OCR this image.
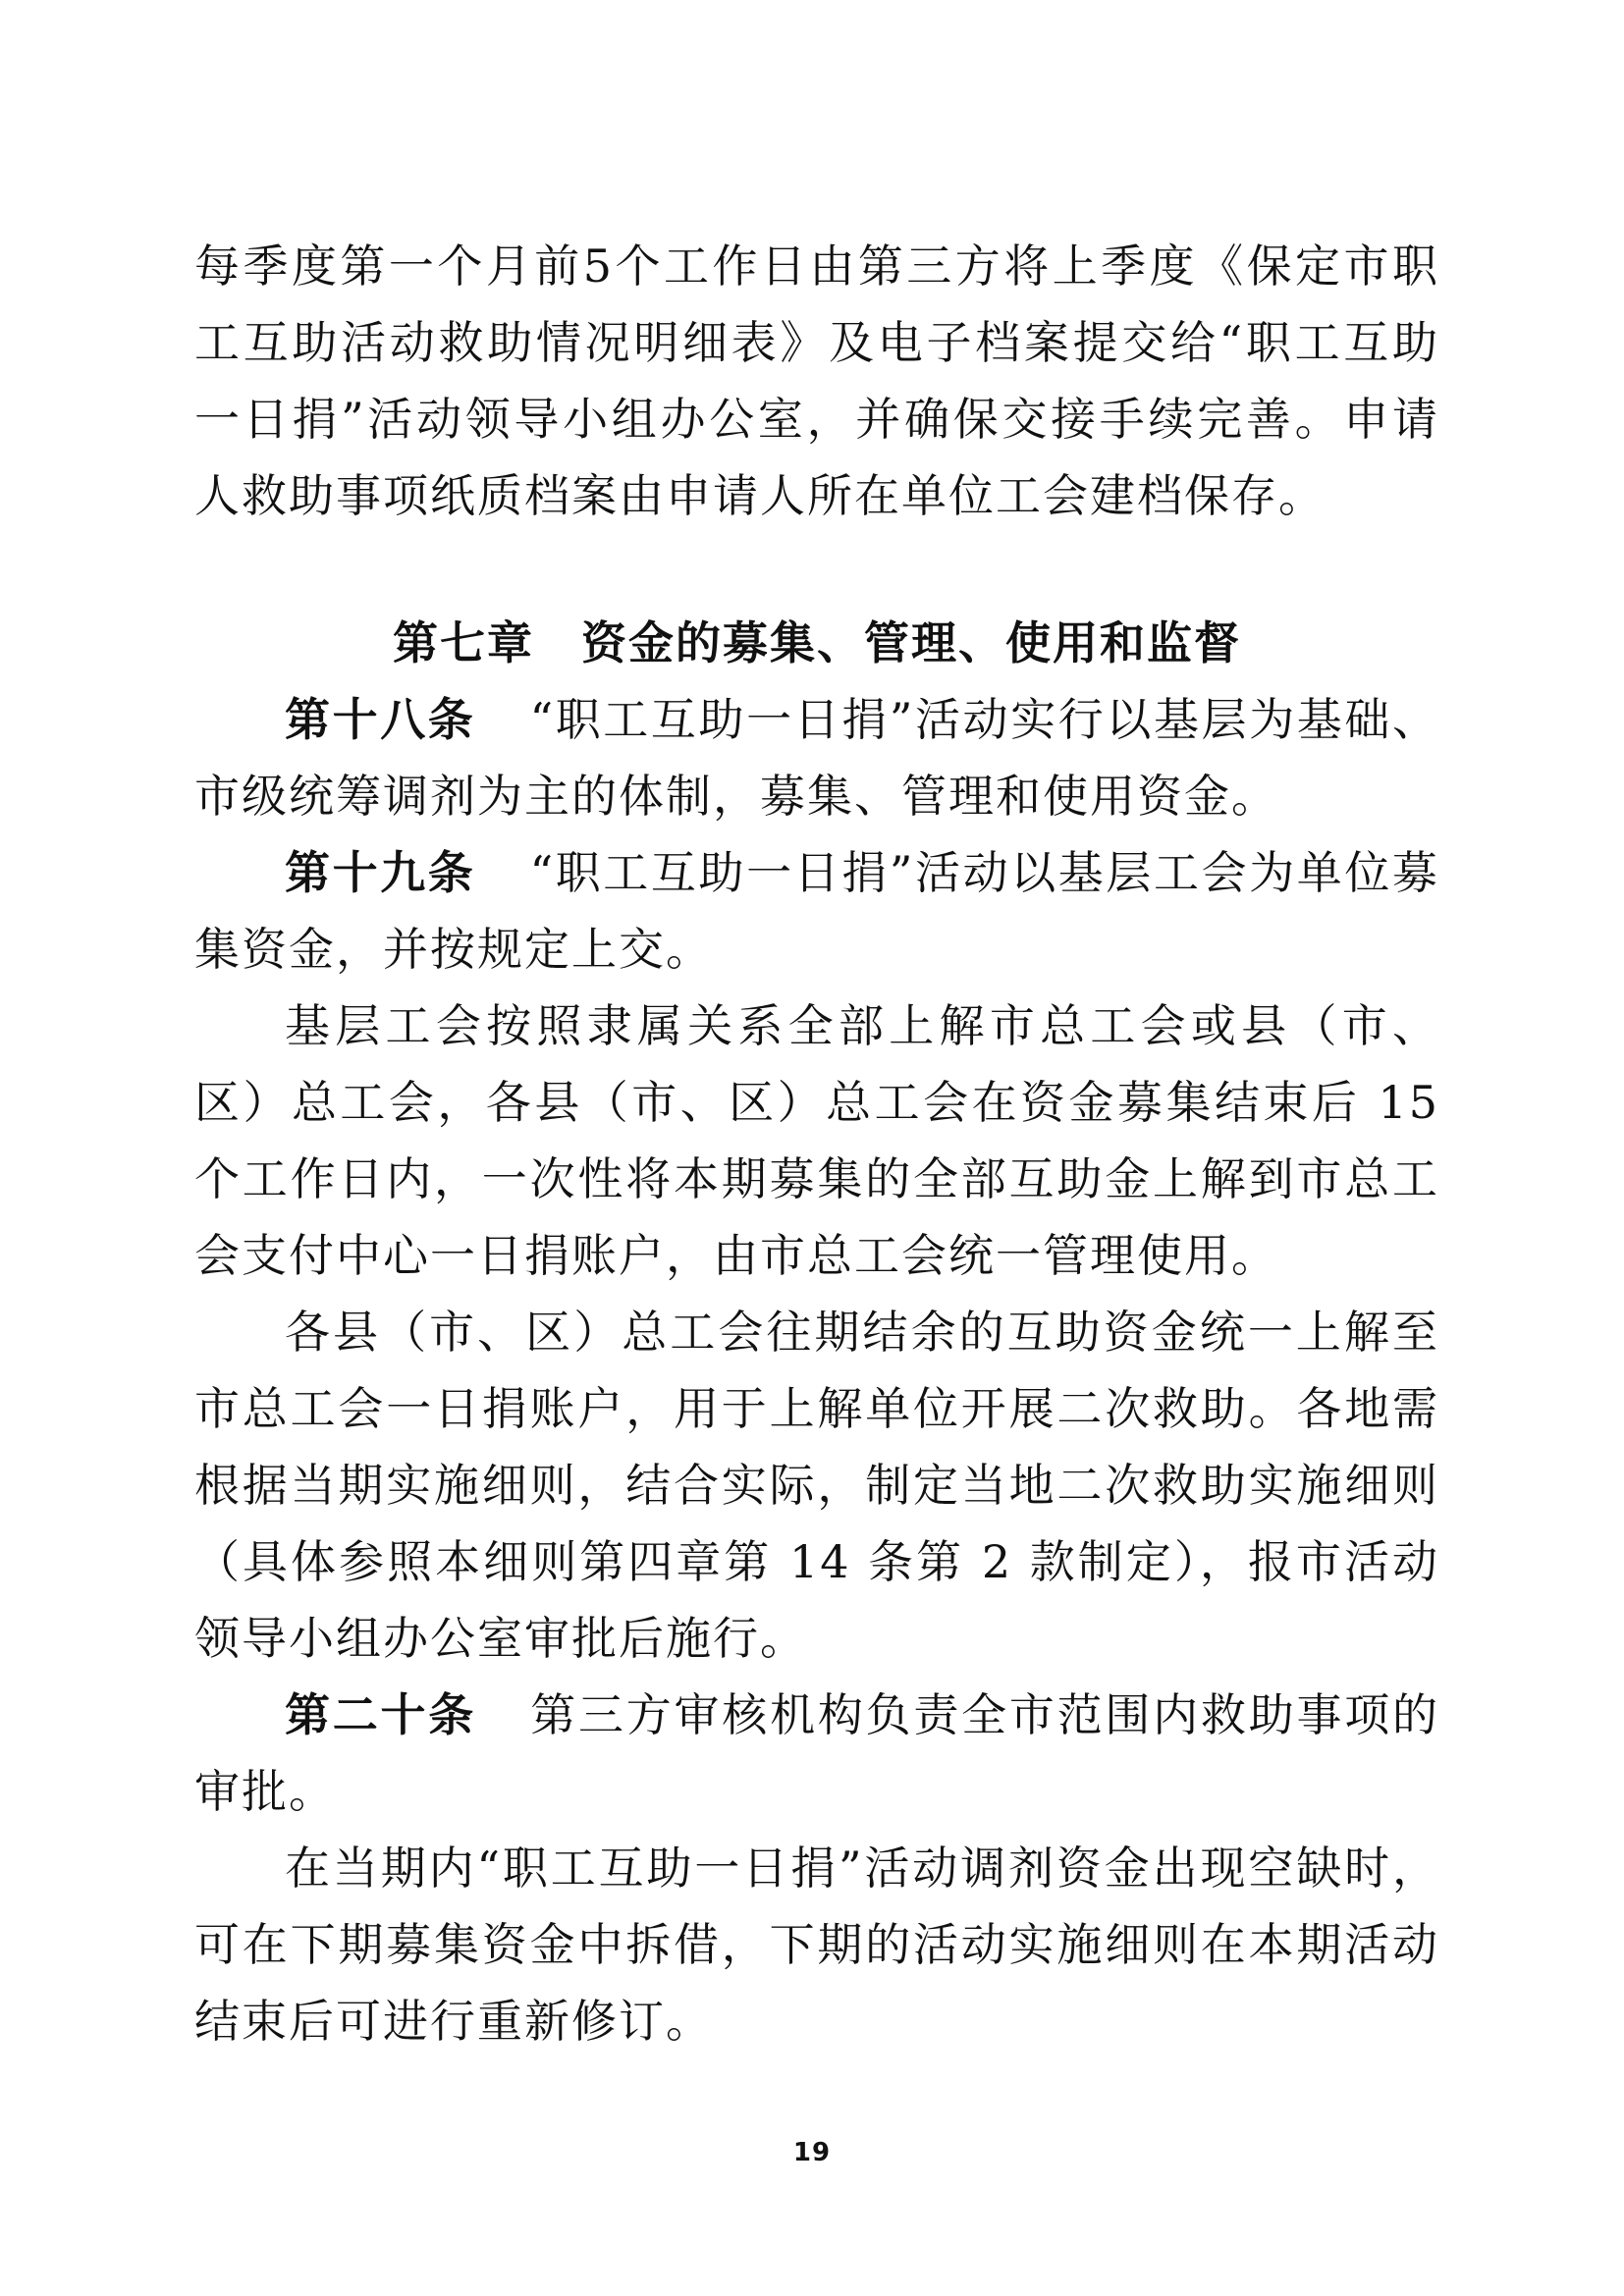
每季度第一个月前5个工作日由第三方将上季度《保定市职工互助活动救助情况明细表》及电子档案提交给“职工互助一日捐”活动领导小组办公室，并确保交接手续完善。申请人救助事项纸质档案由申请人所在单位工会建档保存。

第七章　资金的募集、管理、使用和监督

第十八条 “职工互助一日捐”活动实行以基层为基础、市级统筹调剂为主的体制，募集、管理和使用资金。

第十九条 “职工互助一日捐”活动以基层工会为单位募集资金，并按规定上交。

基层工会按照隶属关系全部上解市总工会或县（市、区）总工会，各县（市、区）总工会在资金募集结束后 15 个工作日内，一次性将本期募集的全部互助金上解到市总工会支付中心一日捐账户，由市总工会统一管理使用。

各县（市、区）总工会往期结余的互助资金统一上解至市总工会一日捐账户，用于上解单位开展二次救助。各地需根据当期实施细则，结合实际，制定当地二次救助实施细则（具体参照本细则第四章第 14 条第 2 款制定），报市活动领导小组办公室审批后施行。

第二十条 第三方审核机构负责全市范围内救助事项的审批。

在当期内“职工互助一日捐”活动调剂资金出现空缺时，可在下期募集资金中拆借，下期的活动实施细则在本期活动结束后可进行重新修订。

19
